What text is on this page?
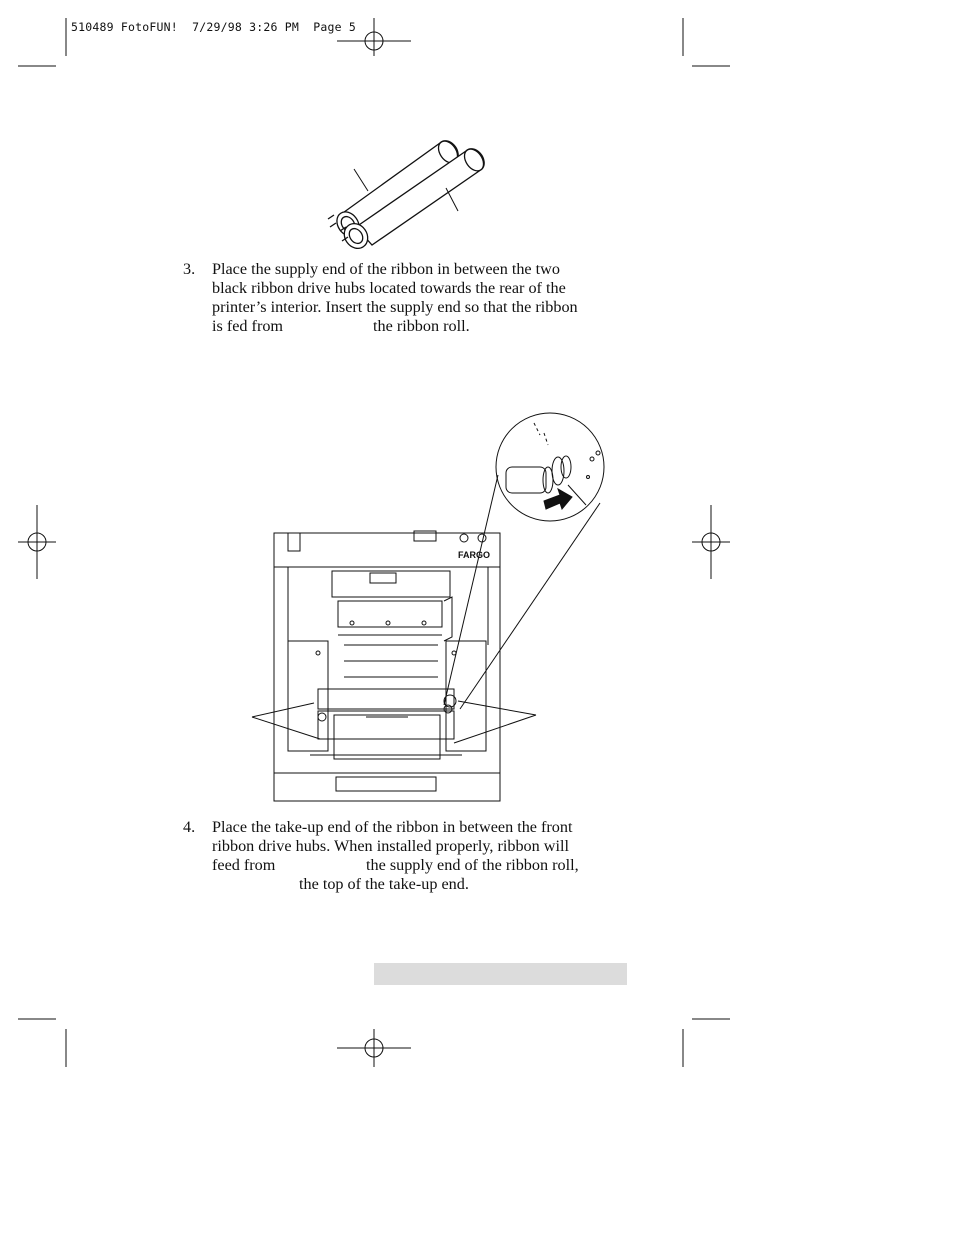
510489 FotoFUN!  7/29/98 3:26 PM  Page 5
3. Place the supply end of the ribbon in between the two
black ribbon drive hubs located towards the rear of the
printer’s interior. Insert the supply end so that the ribbon
is fed from	the ribbon roll.
FARGO
4. Place the take-up end of the ribbon in between the front
ribbon drive hubs. When installed properly, ribbon will
feed from	the supply end of the ribbon roll,
the top of the take-up end.
